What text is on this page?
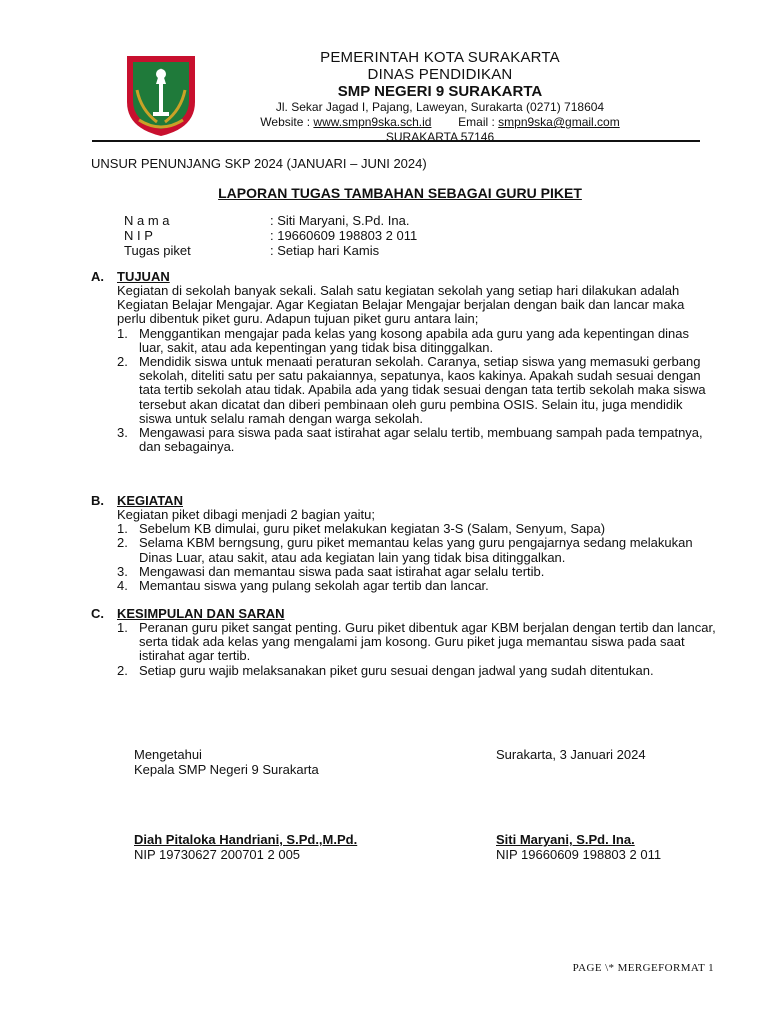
PEMERINTAH KOTA SURAKARTA
DINAS PENDIDIKAN
SMP NEGERI 9 SURAKARTA
Jl. Sekar Jagad I, Pajang, Laweyan, Surakarta (0271) 718604
Website : www.smpn9ska.sch.id Email : smpn9ska@gmail.com
SURAKARTA 57146
UNSUR PENUNJANG SKP 2024 (JANUARI – JUNI 2024)
LAPORAN TUGAS TAMBAHAN SEBAGAI GURU PIKET
N a m a	: Siti Maryani, S.Pd. Ina.
N I P	: 19660609 198803 2 011
Tugas piket	: Setiap hari Kamis
A. TUJUAN
Kegiatan di sekolah banyak sekali. Salah satu kegiatan sekolah yang setiap hari dilakukan adalah Kegiatan Belajar Mengajar. Agar Kegiatan Belajar Mengajar berjalan dengan baik dan lancar maka perlu dibentuk piket guru. Adapun tujuan piket guru antara lain;
1. Menggantikan mengajar pada kelas yang kosong apabila ada guru yang ada kepentingan dinas luar, sakit, atau ada kepentingan yang tidak bisa ditinggalkan.
2. Mendidik siswa untuk menaati peraturan sekolah. Caranya, setiap siswa yang memasuki gerbang sekolah, diteliti satu per satu pakaiannya, sepatunya, kaos kakinya. Apakah sudah sesuai dengan tata tertib sekolah atau tidak. Apabila ada yang tidak sesuai dengan tata tertib sekolah maka siswa tersebut akan dicatat dan diberi pembinaan oleh guru pembina OSIS. Selain itu, juga mendidik siswa untuk selalu ramah dengan warga sekolah.
3. Mengawasi para siswa pada saat istirahat agar selalu tertib, membuang sampah pada tempatnya, dan sebagainya.
B. KEGIATAN
Kegiatan piket dibagi menjadi 2 bagian yaitu;
1. Sebelum KB dimulai, guru piket melakukan kegiatan 3-S (Salam, Senyum, Sapa)
2. Selama KBM berngsung, guru piket memantau kelas yang guru pengajarnya sedang melakukan Dinas Luar, atau sakit, atau ada kegiatan lain yang tidak bisa ditinggalkan.
3. Mengawasi dan memantau siswa pada saat istirahat agar selalu tertib.
4. Memantau siswa yang pulang sekolah agar tertib dan lancar.
C. KESIMPULAN DAN SARAN
1. Peranan guru piket sangat penting. Guru piket dibentuk agar KBM berjalan dengan tertib dan lancar, serta tidak ada kelas yang mengalami jam kosong. Guru piket juga memantau siswa pada saat istirahat agar tertib.
2. Setiap guru wajib melaksanakan piket guru sesuai dengan jadwal yang sudah ditentukan.
Mengetahui
Kepala SMP Negeri 9 Surakarta
Surakarta, 3 Januari 2024
Diah Pitaloka Handriani, S.Pd.,M.Pd.
NIP 19730627 200701 2 005
Siti Maryani, S.Pd. Ina.
NIP 19660609 198803 2 011
PAGE \* MERGEFORMAT 1
